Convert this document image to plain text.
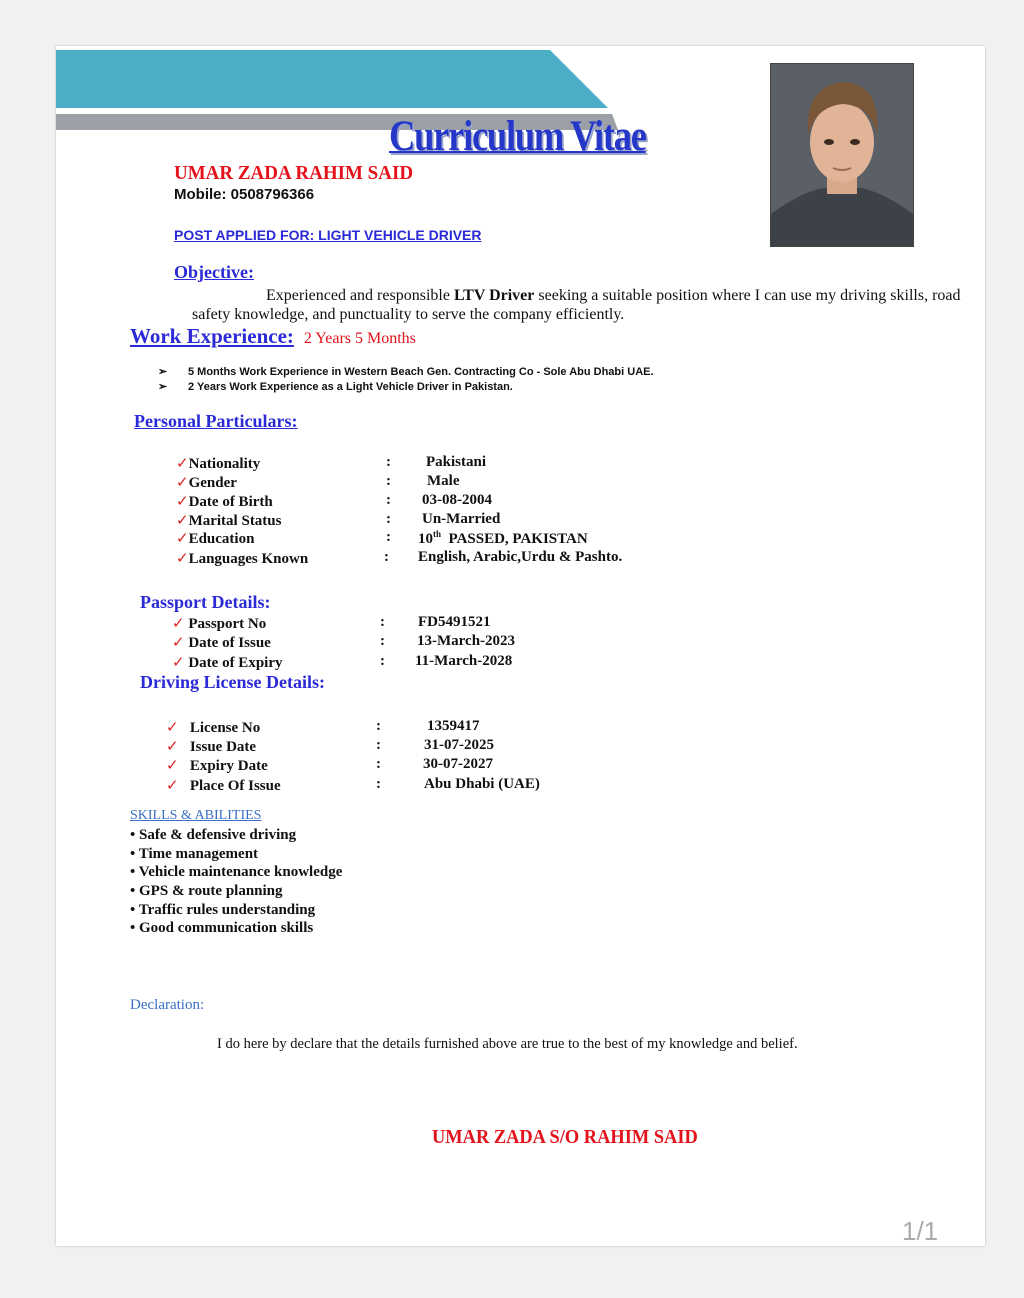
Curriculum Vitae
UMAR ZADA RAHIM SAID
Mobile: 0508796366
POST APPLIED FOR: LIGHT VEHICLE DRIVER
Objective:
Experienced and responsible LTV Driver seeking a suitable position where I can use my driving skills, road safety knowledge, and punctuality to serve the company efficiently.
Work Experience: 2 Years 5 Months
➢ 5 Months Work Experience in Western Beach Gen. Contracting Co - Sole Abu Dhabi UAE.
➢ 2 Years Work Experience as a Light Vehicle Driver in Pakistan.
Personal Particulars:
✓Nationality	: Pakistani
✓Gender	: Male
✓Date of Birth	: 03-08-2004
✓Marital Status	: Un-Married
✓Education	: 10th PASSED, PAKISTAN
✓Languages Known	: English, Arabic,Urdu & Pashto.
Passport Details:
✓ Passport No	: FD5491521
✓ Date of Issue	: 13-March-2023
✓ Date of Expiry	: 11-March-2028
Driving License Details:
✓ License No	:	1359417
✓ Issue Date	:	31-07-2025
✓ Expiry Date	:	30-07-2027
✓ Place Of Issue	:	Abu Dhabi (UAE)
SKILLS & ABILITIES
• Safe & defensive driving
• Time management
• Vehicle maintenance knowledge
• GPS & route planning
• Traffic rules understanding
• Good communication skills
Declaration:
I do here by declare that the details furnished above are true to the best of my knowledge and belief.
UMAR ZADA S/O RAHIM SAID
1/1
